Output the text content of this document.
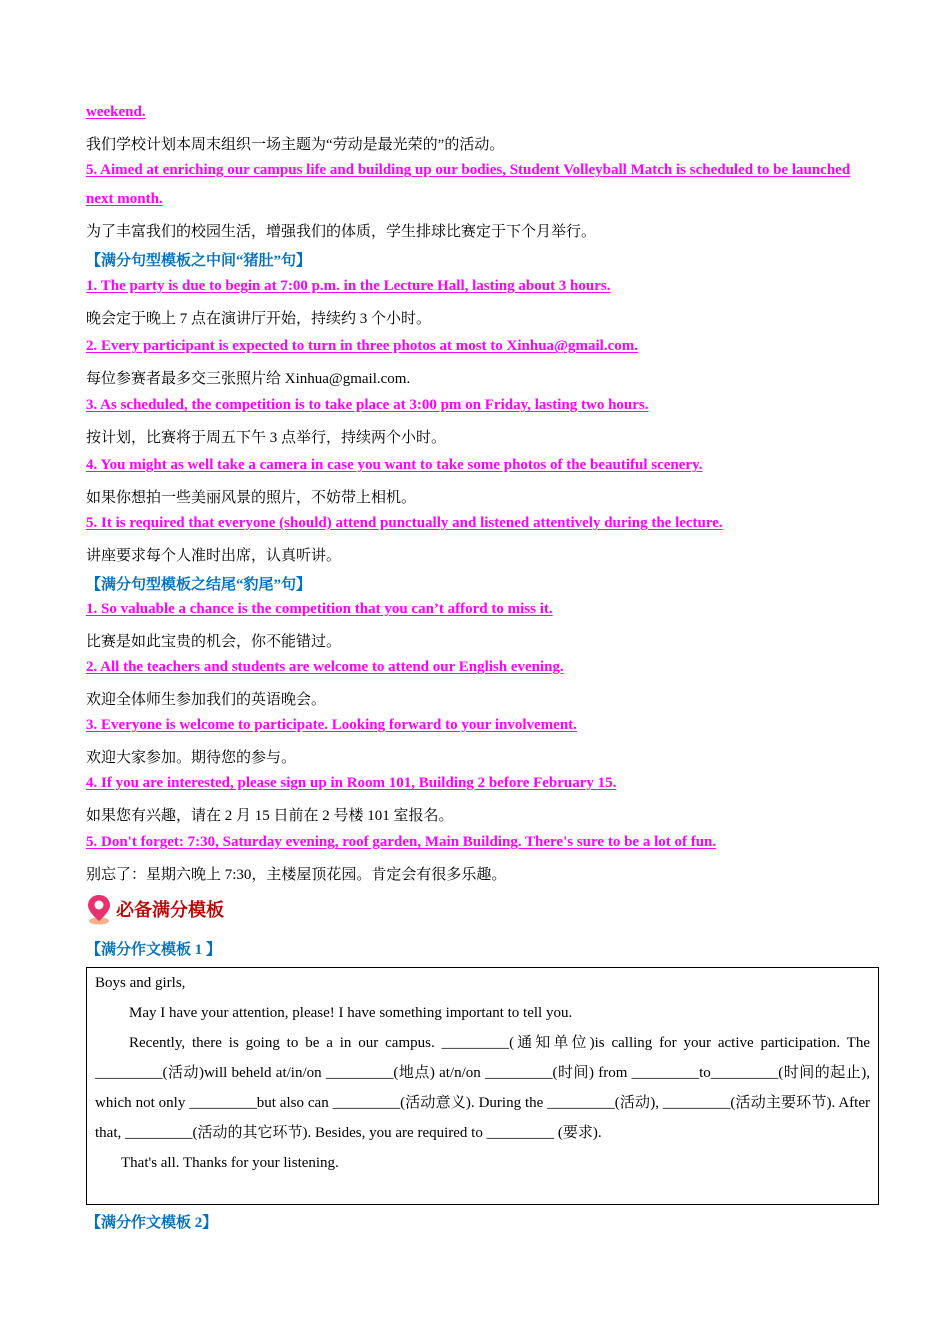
weekend.
我们学校计划本周末组织一场主题为“劳动是最光荣的”的活动。
5. Aimed at enriching our campus life and building up our bodies, Student Volleyball Match is scheduled to be launched next month.
为了丰富我们的校园生活，增强我们的体质，学生排球比赛定于下个月举行。
【满分句型模板之中间“猪肚”句】
1. The party is due to begin at 7:00 p.m. in the Lecture Hall, lasting about 3 hours.
晚会定于晚上 7 点在演讲厅开始，持续约 3 个小时。
2. Every participant is expected to turn in three photos at most to Xinhua@gmail.com.
每位参赛者最多交三张照片给 Xinhua@gmail.com.
3. As scheduled, the competition is to take place at 3:00 pm on Friday, lasting two hours.
按计划，比赛将于周五下午 3 点举行，持续两个小时。
4. You might as well take a camera in case you want to take some photos of the beautiful scenery.
如果你想拍一些美丽风景的照片，不妨带上相机。
5. It is required that everyone (should) attend punctually and listened attentively during the lecture.
讲座要求每个人准时出席，认真听讲。
【满分句型模板之结尾“豹尾”句】
1. So valuable a chance is the competition that you can’t afford to miss it.
比赛是如此宝贵的机会，你不能错过。
2. All the teachers and students are welcome to attend our English evening.
欢迎全体师生参加我们的英语晚会。
3. Everyone is welcome to participate. Looking forward to your involvement.
欢迎大家参加。期待您的参与。
4. If you are interested, please sign up in Room 101, Building 2 before February 15.
如果您有兴趣，请在 2 月 15 日前在 2 号楼 101 室报名。
5. Don't forget: 7:30, Saturday evening, roof garden, Main Building. There's sure to be a lot of fun.
别忘了：星期六晚上 7:30，主楼屋顶花园。肯定会有很多乐趣。
必备满分模板
【满分作文模板 1 】

Boys and girls,

May I have your attention, please! I have something important to tell you.

Recently, there is going to be a in our campus. _________(通知单位)is calling for your active participation. The _________(活动)will beheld at/in/on _________(地点) at/n/on _________(时间) from _________to_________(时间的起止), which not only _________but also can _________(活动意义). During the _________(活动), _________(活动主要环节). After that, _________(活动的其它环节). Besides, you are required to _________ (要求).

That's all. Thanks for your listening.

【满分作文模板 2】
